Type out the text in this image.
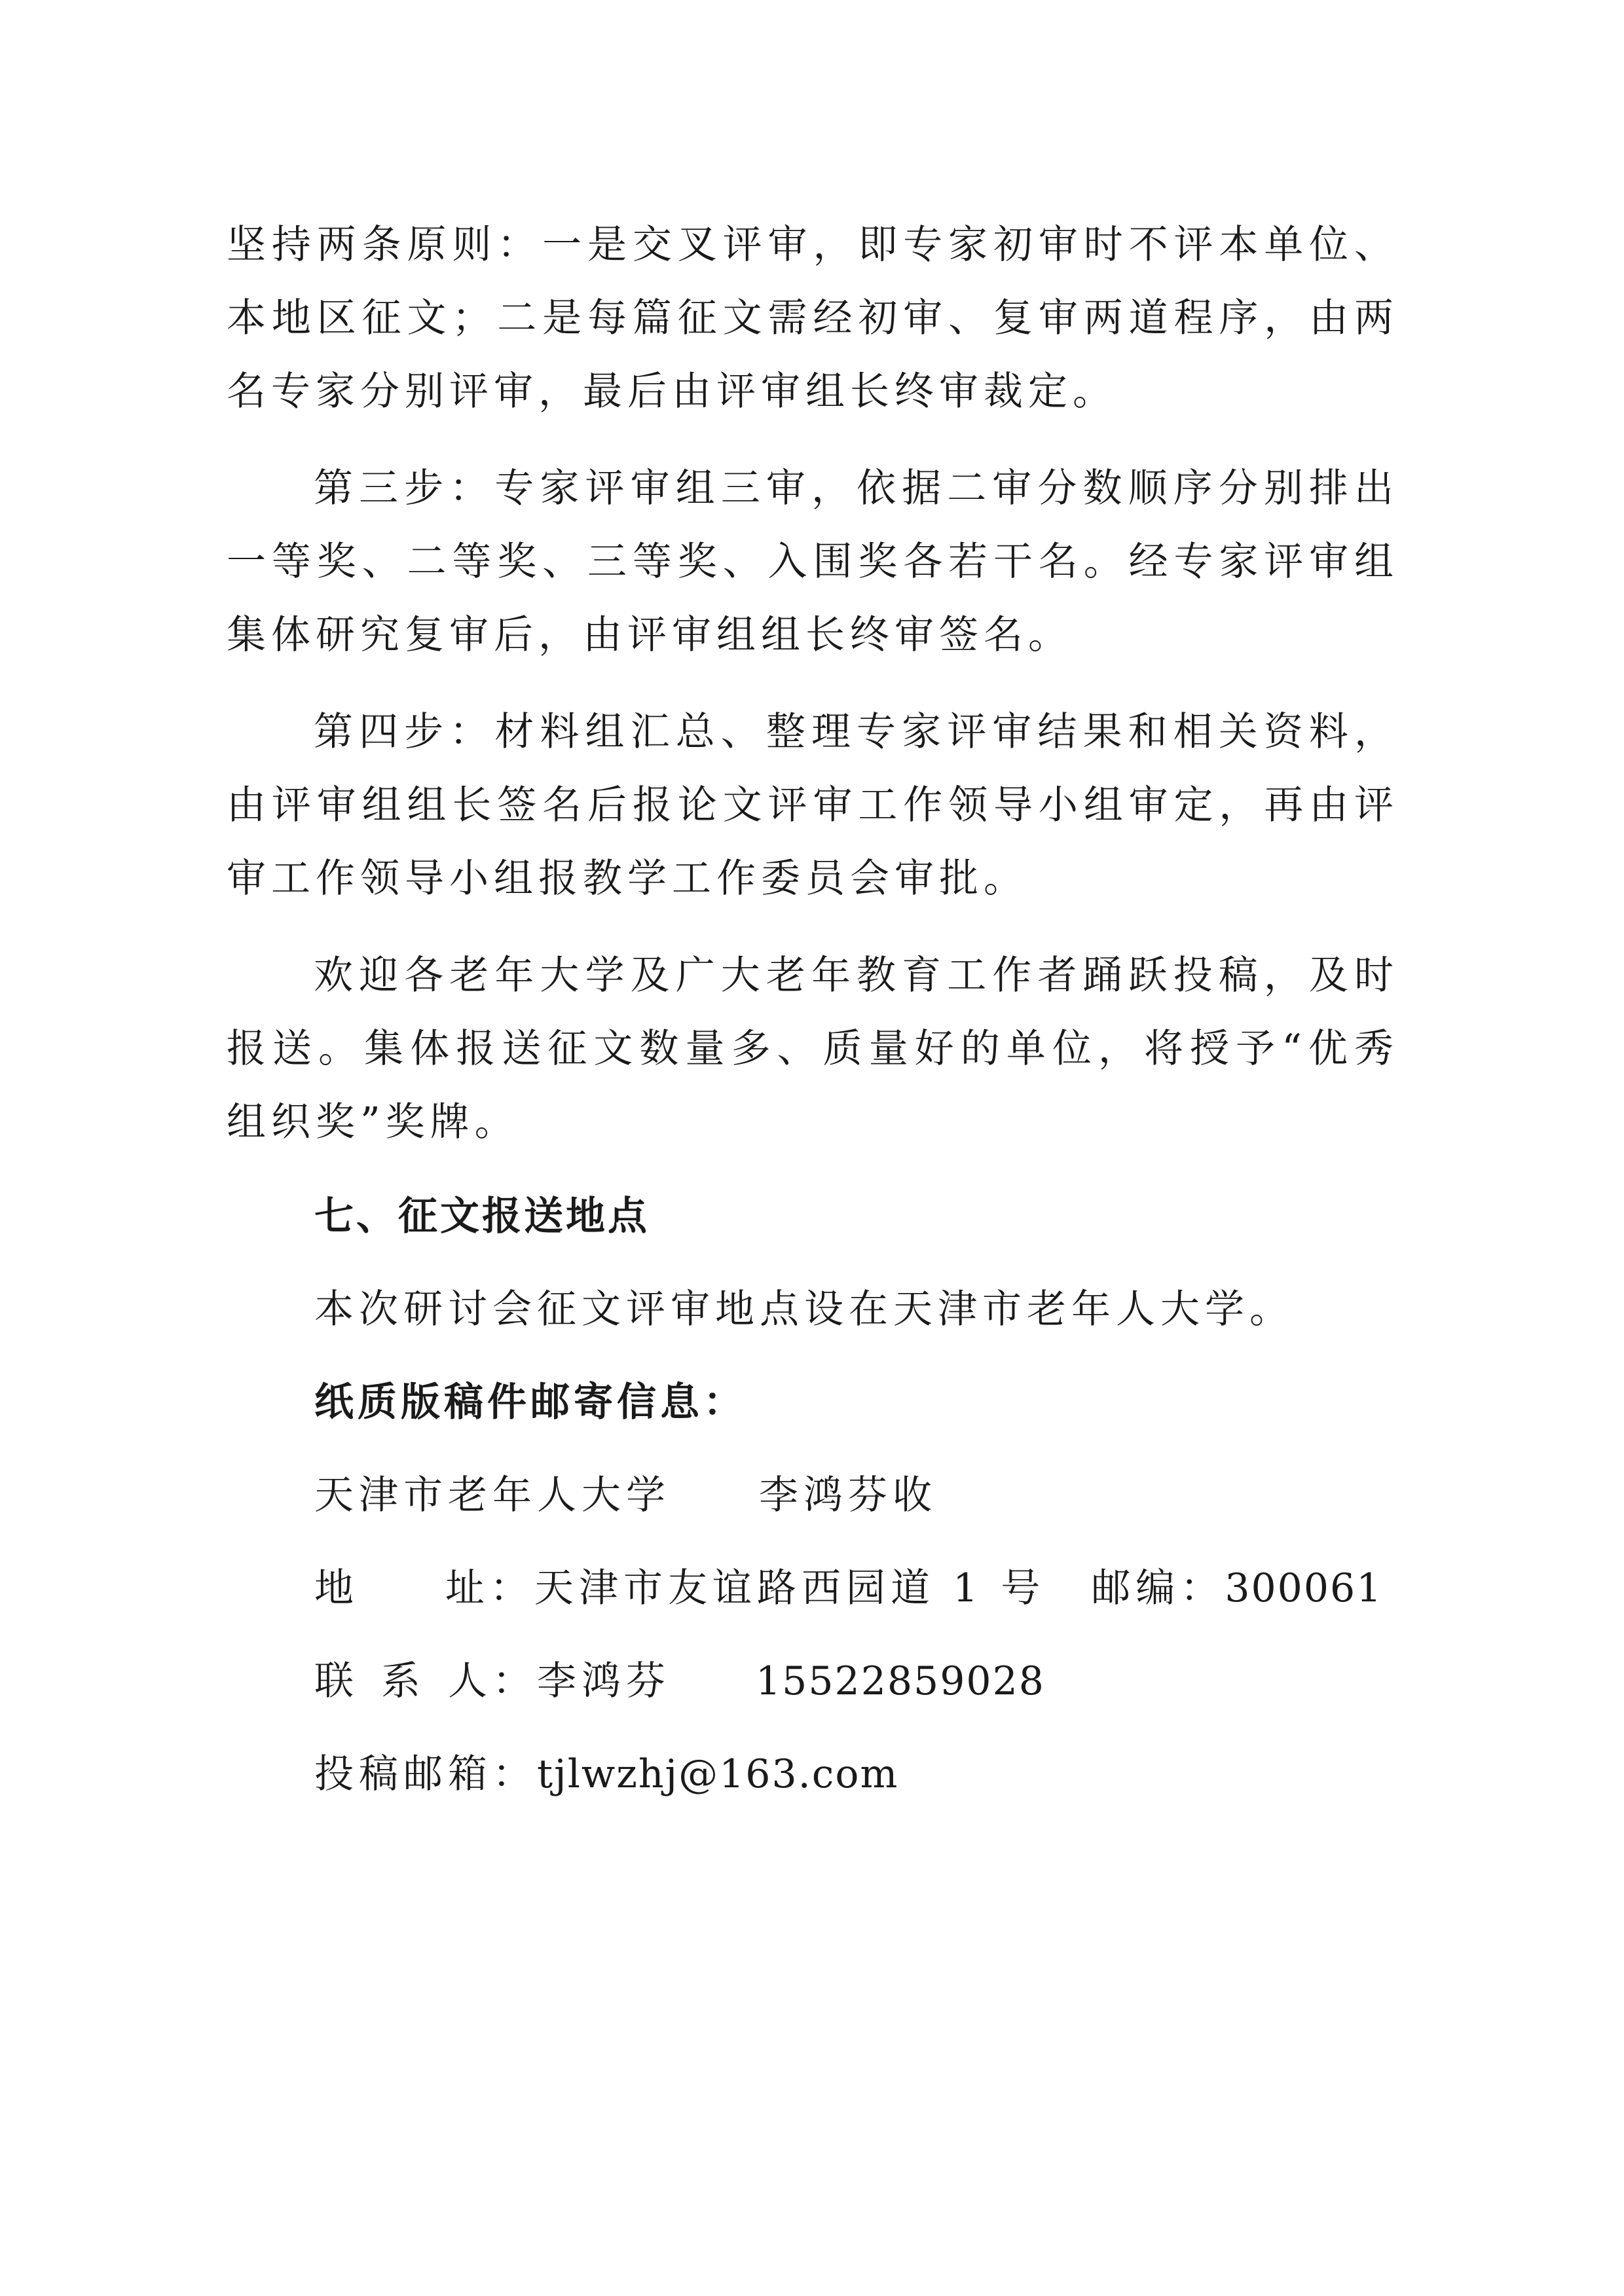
坚持两条原则：一是交叉评审，即专家初审时不评本单位、本地区征文；二是每篇征文需经初审、复审两道程序，由两名专家分别评审，最后由评审组长终审裁定。

第三步：专家评审组三审，依据二审分数顺序分别排出一等奖、二等奖、三等奖、入围奖各若干名。经专家评审组集体研究复审后，由评审组组长终审签名。

第四步：材料组汇总、整理专家评审结果和相关资料，由评审组组长签名后报论文评审工作领导小组审定，再由评审工作领导小组报教学工作委员会审批。

欢迎各老年大学及广大老年教育工作者踊跃投稿，及时报送。集体报送征文数量多、质量好的单位，将授予“优秀组织奖”奖牌。

七、征文报送地点

本次研讨会征文评审地点设在天津市老年人大学。

纸质版稿件邮寄信息：

天津市老年人大学 李鸿芬收

地 址：天津市友谊路西园道 1 号 邮编：300061

联 系 人：李鸿芬 15522859028

投稿邮箱：tjlwzhj@163.com
